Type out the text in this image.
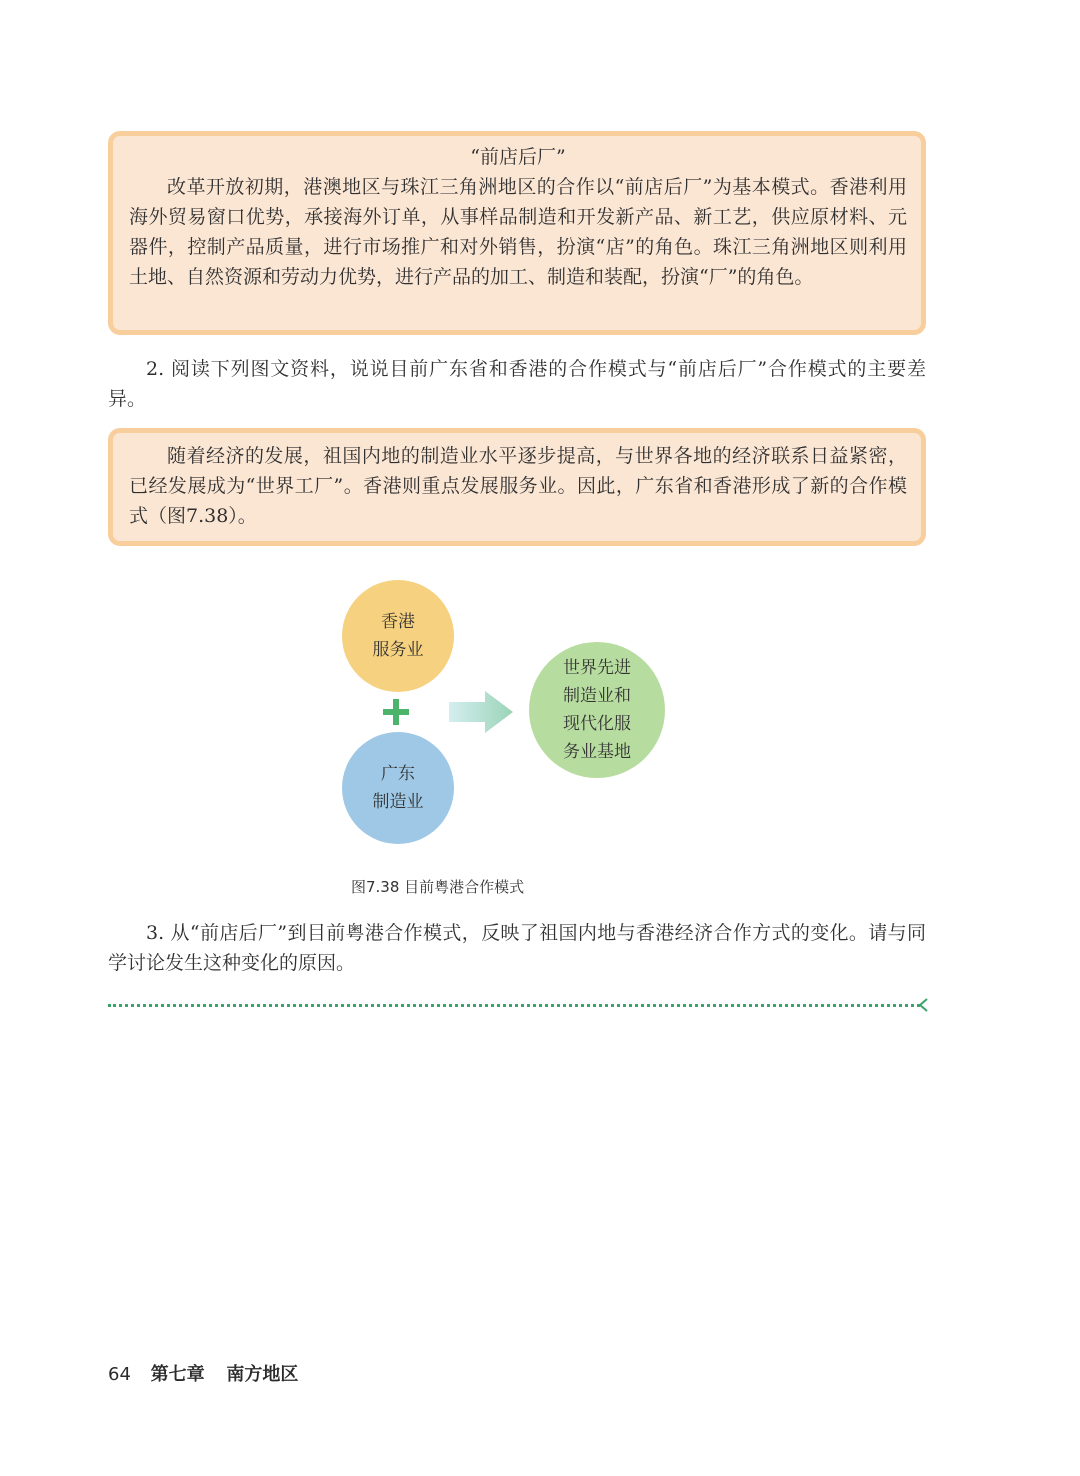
“前店后厂”

改革开放初期，港澳地区与珠江三角洲地区的合作以“前店后厂”为基本模式。香港利用海外贸易窗口优势，承接海外订单，从事样品制造和开发新产品、新工艺，供应原材料、元器件，控制产品质量，进行市场推广和对外销售，扮演“店”的角色。珠江三角洲地区则利用土地、自然资源和劳动力优势，进行产品的加工、制造和装配，扮演“厂”的角色。

2. 阅读下列图文资料，说说目前广东省和香港的合作模式与“前店后厂”合作模式的主要差异。

随着经济的发展，祖国内地的制造业水平逐步提高，与世界各地的经济联系日益紧密，已经发展成为“世界工厂”。香港则重点发展服务业。因此，广东省和香港形成了新的合作模式（图7.38）。

香港
服务业
广东
制造业
世界先进
制造业和
现代化服
务业基地
图7.38 目前粤港合作模式

3. 从“前店后厂”到目前粤港合作模式，反映了祖国内地与香港经济合作方式的变化。请与同学讨论发生这种变化的原因。

64 第七章 南方地区
